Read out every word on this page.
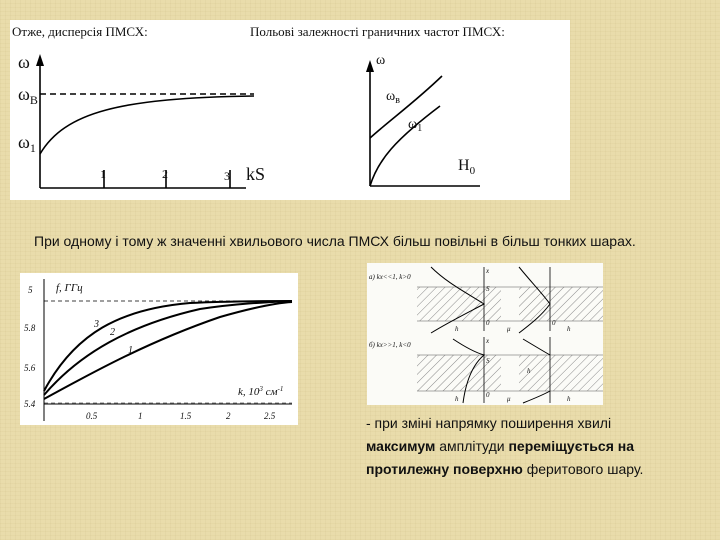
Отже, дисперсія ПМСХ:	Польові залежності граничних частот ПМСХ:
ω
$\omega_В$
$\omega_1$
1	2	3 kS
ω
$\omega_в$
$\omega_1$
$H_0$
При одному і тому ж значенні хвильового числа ПМСХ більш повільні в більш тонких шарах.
f, ГГц
5
5.8
5.6
5.4
3
2
1
k, $10^3$ $см^{-1}$
0.5	1	1.5	2	2.5
а) kx<<1, k>0
x
S
0
h	μ	h
0
б) kx>>1, k<0	x
S
0
h	μ	h
h
- при зміні напрямку поширення хвилі максимум амплітуди переміщується на протилежну поверхню феритового шару.
